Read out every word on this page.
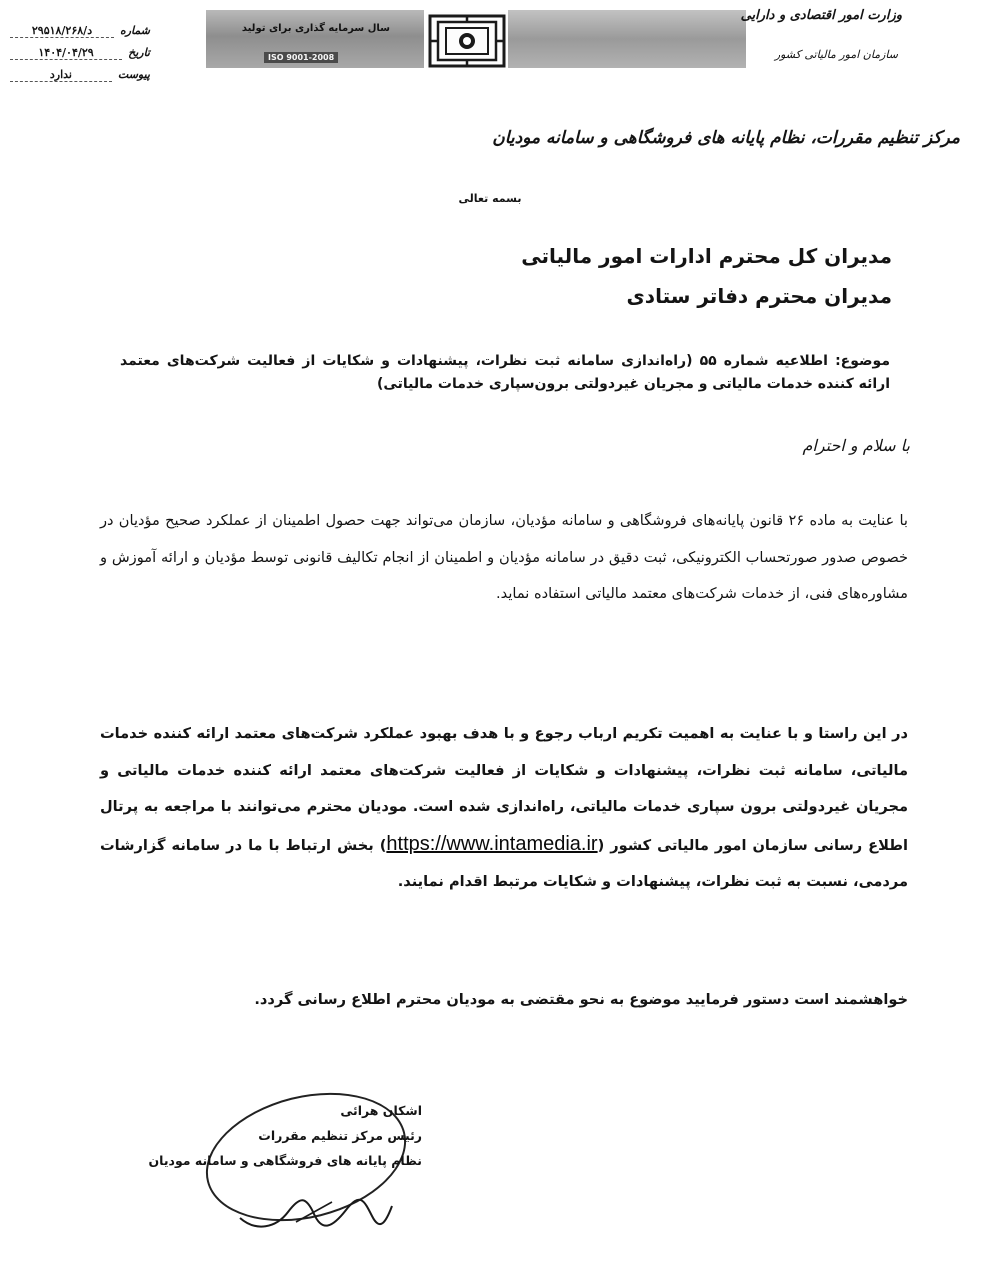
سال سرمایه گذاری برای تولید
ISO 9001-2008
وزارت امور اقتصادی و دارایی
سازمان امور مالیاتی کشور
شماره
۲۹۵۱۸/۲۶۸/د
تاریخ
۱۴۰۴/۰۴/۲۹
پیوست
ندارد
مرکز تنظیم مقررات، نظام پایانه های فروشگاهی و سامانه مودیان
بسمه تعالی
مدیران کل محترم ادارات امور مالیاتی
مدیران محترم دفاتر ستادی
موضوع: اطلاعیه شماره ۵۵ (راه‌اندازی سامانه ثبت نظرات، پیشنهادات و شکایات از فعالیت شرکت‌های معتمد ارائه کننده خدمات مالیاتی و مجریان غیردولتی برون‌سپاری خدمات مالیاتی)
با سلام و احترام
با عنایت به ماده ۲۶ قانون پایانه‌های فروشگاهی و سامانه مؤدیان، سازمان می‌تواند جهت حصول اطمینان از عملکرد صحیح مؤدیان در خصوص صدور صورتحساب الکترونیکی، ثبت دقیق در سامانه مؤدیان و اطمینان از انجام تکالیف قانونی توسط مؤدیان و ارائه آموزش و مشاوره‌های فنی، از خدمات شرکت‌های معتمد مالیاتی استفاده نماید.
در این راستا و با عنایت به اهمیت تکریم ارباب رجوع و با هدف بهبود عملکرد شرکت‌های معتمد ارائه کننده خدمات مالیاتی، سامانه ثبت نظرات، پیشنهادات و شکایات از فعالیت شرکت‌های معتمد ارائه کننده خدمات مالیاتی و مجریان غیردولتی برون سپاری خدمات مالیاتی، راه‌اندازی شده است. مودیان محترم می‌توانند با مراجعه به پرتال اطلاع رسانی سازمان امور مالیاتی کشور (https://www.intamedia.ir) بخش ارتباط با ما در سامانه گزارشات مردمی، نسبت به ثبت نظرات، پیشنهادات و شکایات مرتبط اقدام نمایند.
خواهشمند است دستور فرمایید موضوع به نحو مقتضی به مودیان محترم اطلاع رسانی گردد.
اشکان هرائی
رئیس مرکز تنظیم مقررات
نظام پایانه های فروشگاهی و سامانه مودیان
